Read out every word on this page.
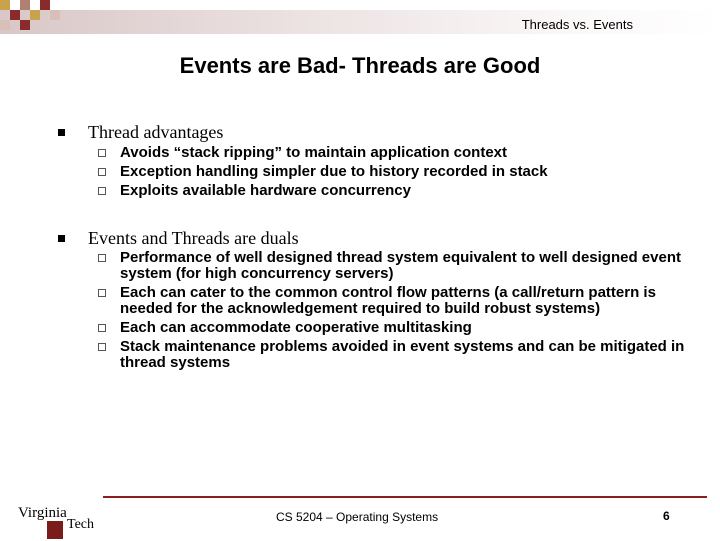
Threads vs. Events
Events are Bad- Threads are Good
Thread advantages
Avoids “stack ripping” to maintain application context
Exception handling simpler due to history recorded in stack
Exploits available hardware concurrency
Events and Threads are duals
Performance of well designed thread system equivalent to well designed event system (for high concurrency servers)
Each can cater to the common control flow patterns (a call/return pattern is needed for the acknowledgement required to build robust systems)
Each can accommodate cooperative multitasking
Stack maintenance problems avoided in event systems and can be mitigated in thread systems
Virginia
Tech	CS 5204 – Operating Systems	6
